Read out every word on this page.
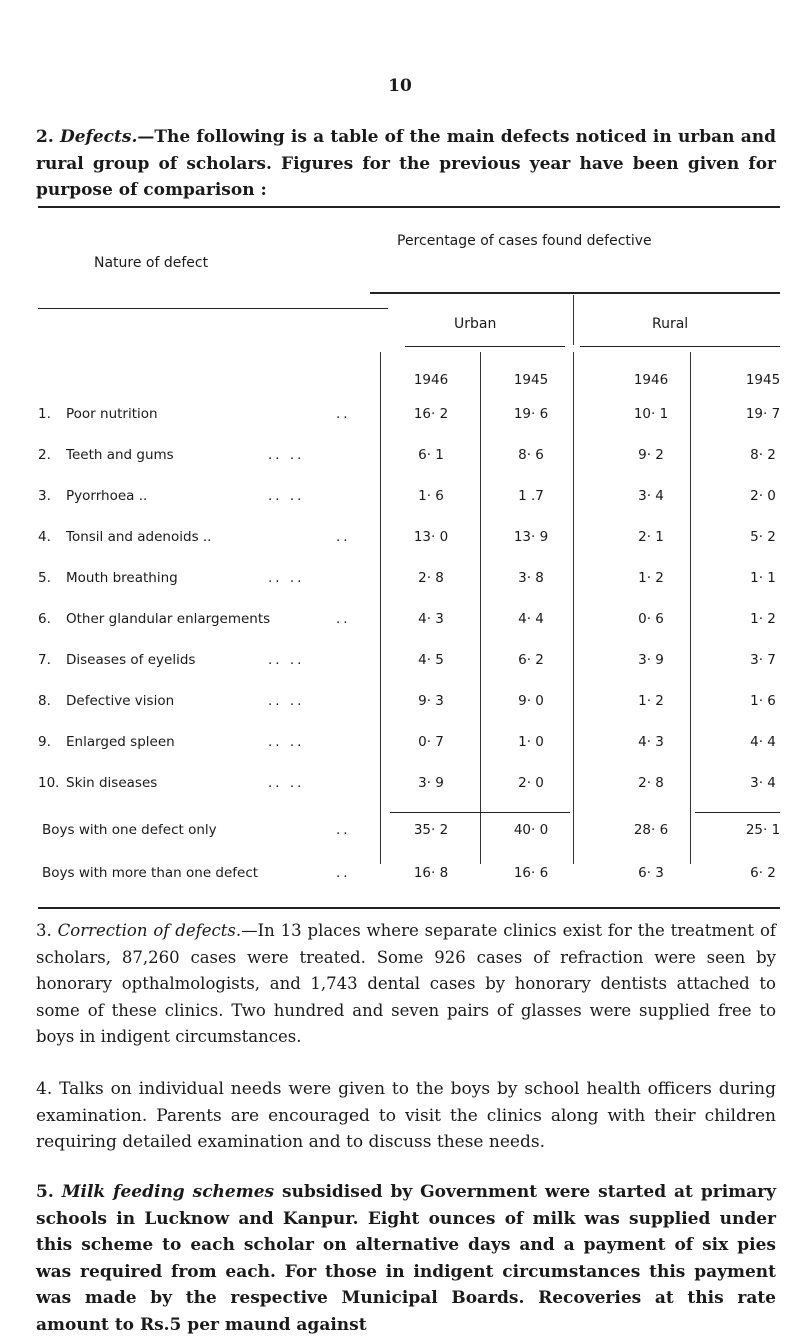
10
2. Defects.—The following is a table of the main defects noticed in urban and rural group of scholars. Figures for the previous year have been given for purpose of comparison :
Nature of defect
Percentage of cases found defective
Urban	Rural
1946	1945	1946	1945
1.	Poor nutrition	..	16· 2	19· 6	10· 1	19· 7
2.	Teeth and gums	.. ..	6· 1	8· 6	9· 2	8· 2
3.	Pyorrhoea ..	.. ..	1· 6	1 .7	3· 4	2· 0
4.	Tonsil and adenoids ..	..	13· 0	13· 9	2· 1	5· 2
5.	Mouth breathing	.. ..	2· 8	3· 8	1· 2	1· 1
6.	Other glandular enlargements	..	4· 3	4· 4	0· 6	1· 2
7.	Diseases of eyelids	.. ..	4· 5	6· 2	3· 9	3· 7
8.	Defective vision	.. ..	9· 3	9· 0	1· 2	1· 6
9.	Enlarged spleen	.. ..	0· 7	1· 0	4· 3	4· 4
10. Skin diseases	.. ..	3· 9	2· 0	2· 8	3· 4
Boys with one defect only	..	35· 2	40· 0	28· 6	25· 1
Boys with more than one defect	..	16· 8	16· 6	6· 3	6· 2
3. Correction of defects.—In 13 places where separate clinics exist for the treatment of scholars, 87,260 cases were treated. Some 926 cases of refraction were seen by honorary opthalmologists, and 1,743 dental cases by honorary dentists attached to some of these clinics. Two hundred and seven pairs of glasses were supplied free to boys in indigent circumstances.
4. Talks on individual needs were given to the boys by school health officers during examination. Parents are encouraged to visit the clinics along with their children requiring detailed examination and to discuss these needs.
5. Milk feeding schemes subsidised by Government were started at primary schools in Lucknow and Kanpur. Eight ounces of milk was supplied under this scheme to each scholar on alternative days and a payment of six pies was required from each. For those in indigent circumstances this payment was made by the respective Municipal Boards. Recoveries at this rate amount to Rs.5 per maund against
